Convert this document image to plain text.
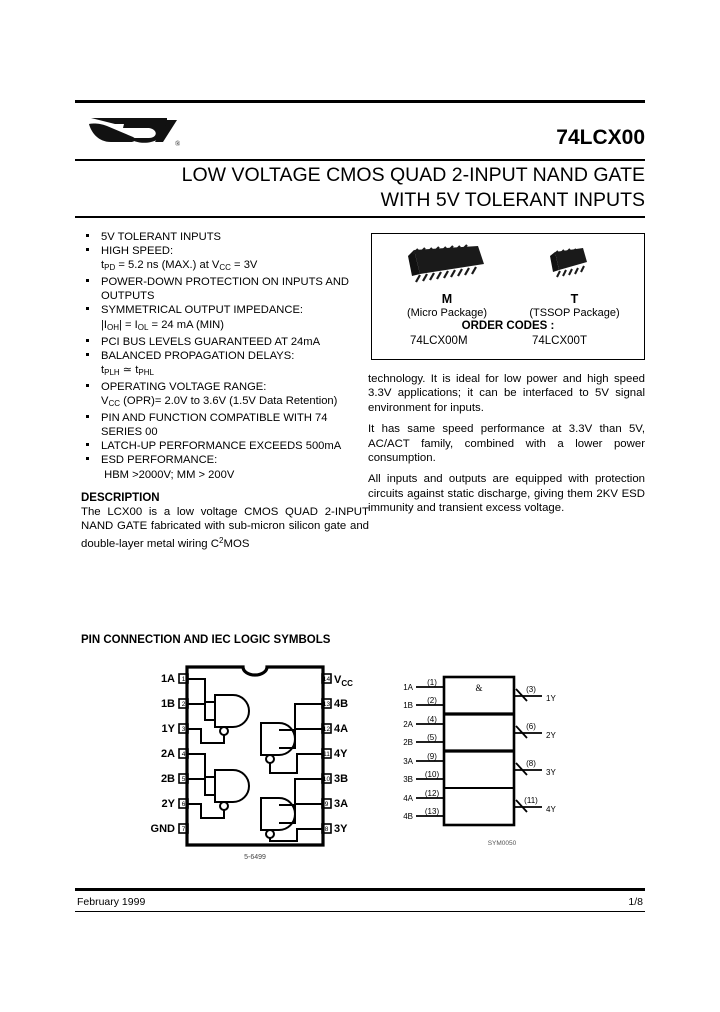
®	74LCX00
LOW VOLTAGE CMOS QUAD 2-INPUT NAND GATE
WITH 5V TOLERANT INPUTS
5V TOLERANT INPUTS
HIGH SPEED:
$t_{PD} = 5.2$ ns (MAX.) at $V_{CC} = 3V$
POWER-DOWN PROTECTION ON INPUTS AND OUTPUTS
SYMMETRICAL OUTPUT IMPEDANCE:
$|I_{OH}| = I_{OL} = 24$ mA (MIN)
PCI BUS LEVELS GUARANTEED AT 24mA
BALANCED PROPAGATION DELAYS:
$t_{PLH}$ ≃ $t_{PHL}$
OPERATING VOLTAGE RANGE:
$V_{CC}$ (OPR)= 2.0V to 3.6V (1.5V Data Retention)
PIN AND FUNCTION COMPATIBLE WITH 74 SERIES 00
LATCH-UP PERFORMANCE EXCEEDS 500mA
ESD PERFORMANCE:
HBM >2000V; MM > 200V
M
(Micro Package)
T
(TSSOP Package)
ORDER CODES :
74LCX00M	74LCX00T
DESCRIPTION
The LCX00 is a low voltage CMOS QUAD 2-INPUT NAND GATE fabricated with sub-micron silicon gate and double-layer metal wiring $C^2MOS$

technology. It is ideal for low power and high speed 3.3V applications; it can be interfaced to 5V signal environment for inputs.

It has same speed performance at 3.3V than 5V, AC/ACT family, combined with a lower power consumption.

All inputs and outputs are equipped with protection circuits against static discharge, giving them 2KV ESD immunity and transient excess voltage.

PIN CONNECTION AND IEC LOGIC SYMBOLS
1
2
3
4
5
6
7
14
13
12
11
10
9
8
1A
1B
1Y
2A
2B
2Y
GND
$V_{CC}$
4B
4A
4Y
3B
3A
3Y
5-6499
&
1A
1B
2A
2B
3A
3B
4A
4B
(1)
(2)
(4)
(5)
(9)
(10)
(12)
(13)
(3)
(6)
(8)
(11)
1Y
2Y
3Y
4Y
SYM0050
February 1999	1/8
